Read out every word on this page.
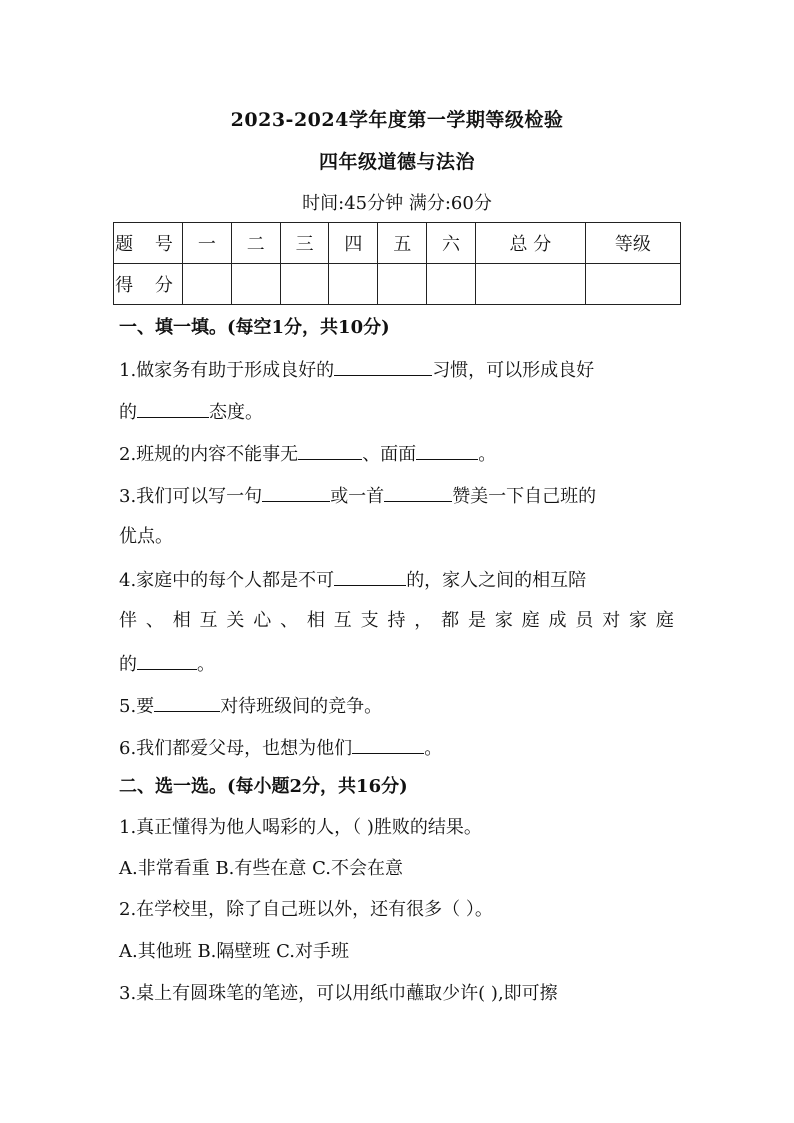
2023-2024学年度第一学期等级检验
四年级道德与法治
时间:45分钟 满分:60分
题 号	一	二	三	四	五	六	总 分	等级
得 分								
一、填一填。(每空1分，共10分)
1.做家务有助于形成良好的	习惯，可以形成良好
的	态度。
2.班规的内容不能事无	、面面	。
3.我们可以写一句	或一首	赞美一下自己班的
优点。
4.家庭中的每个人都是不可	的，家人之间的相互陪
伴 、 相 互 关 心 、 相 互 支 持 ， 都 是 家 庭 成 员 对 家 庭
的	。
5.要	对待班级间的竞争。
6.我们都爱父母，也想为他们	。
二、选一选。(每小题2分，共16分)
1.真正懂得为他人喝彩的人，（ )胜败的结果。
A.非常看重 B.有些在意 C.不会在意
2.在学校里，除了自己班以外，还有很多（ ）。
A.其他班 B.隔壁班 C.对手班
3.桌上有圆珠笔的笔迹，可以用纸巾蘸取少许( ),即可擦
